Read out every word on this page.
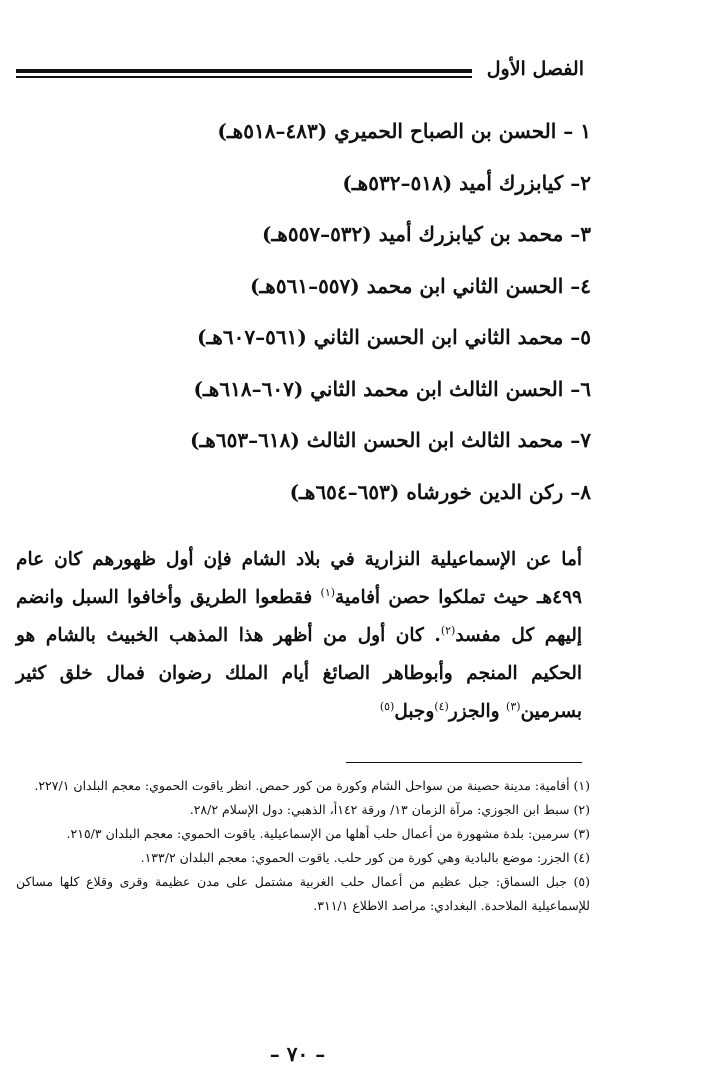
الفصل الأول
١ – الحسن بن الصباح الحميري (٤٨٣–٥١٨هـ)
٢– كيابزرك أميد (٥١٨–٥٣٢هـ)
٣– محمد بن كيابزرك أميد (٥٣٢–٥٥٧هـ)
٤– الحسن الثاني ابن محمد (٥٥٧–٥٦١هـ)
٥– محمد الثاني ابن الحسن الثاني (٥٦١–٦٠٧هـ)
٦– الحسن الثالث ابن محمد الثاني (٦٠٧–٦١٨هـ)
٧– محمد الثالث ابن الحسن الثالث (٦١٨–٦٥٣هـ)
٨– ركن الدين خورشاه (٦٥٣–٦٥٤هـ)

أما عن الإسماعيلية النزارية في بلاد الشام فإن أول ظهورهم كان عام ٤٩٩هـ حيث تملكوا حصن أفامية$^{(١)}$ فقطعوا الطريق وأخافوا السبل وانضم إليهم كل مفسد$^{(٢)}$. كان أول من أظهر هذا المذهب الخبيث بالشام هو الحكيم المنجم وأبوطاهر الصائغ أيام الملك رضوان فمال خلق كثير بسرمين$^{(٣)}$ والجزر$^{(٤)}$وجبل$^{(٥)}$

(١) أفامية: مدينة حصينة من سواحل الشام وكورة من كور حمص. انظر ياقوت الحموي: معجم البلدان ٢٢٧/١.
(٢) سبط ابن الجوزي: مرآة الزمان ١٣/ ورقة ١٤٢أ، الذهبي: دول الإسلام ٢٨/٢.
(٣) سرمين: بلدة مشهورة من أعمال حلب أهلها من الإسماعيلية. ياقوت الحموي: معجم البلدان ٢١٥/٣.
(٤) الجزر: موضع بالبادية وهي كورة من كور حلب. ياقوت الحموي: معجم البلدان ١٣٣/٢.
(٥) جبل السماق: جبل عظيم من أعمال حلب الغربية مشتمل على مدن عظيمة وقرى وقلاع كلها مساكن للإسماعيلية الملاحدة. البغدادي: مراصد الاطلاع ٣١١/١.
– ٧٠ –
